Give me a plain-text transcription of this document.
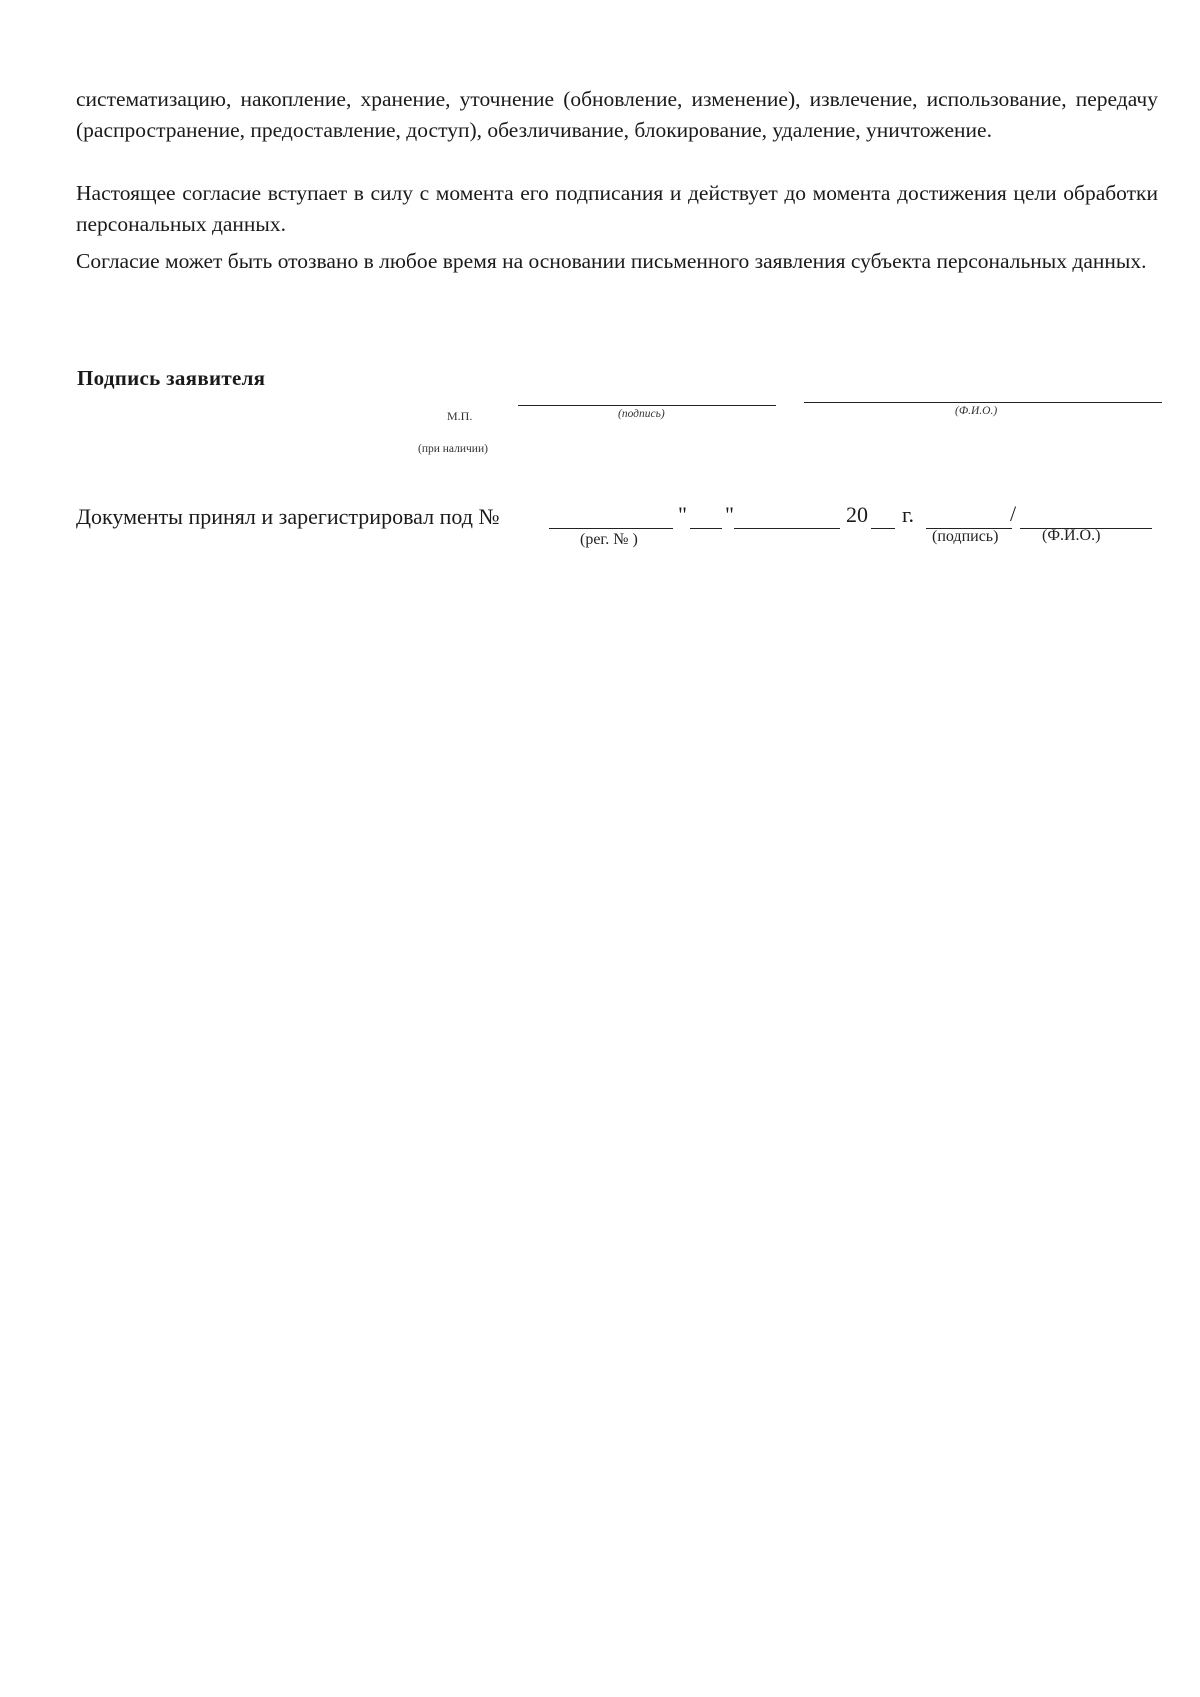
систематизацию, накопление, хранение, уточнение (обновление, изменение), извлечение, использование, передачу (распространение, предоставление, доступ), обезличивание, блокирование, удаление, уничтожение.

Настоящее согласие вступает в силу с момента его подписания и действует до момента достижения цели обработки персональных данных.

Согласие может быть отозвано в любое время на основании письменного заявления субъекта персональных данных.

Подпись заявителя
М.П.	(подпись)	(Ф.И.О.)
(при наличии)
Документы принял и зарегистрировал под №	" "	20 г.	/
(рег. № )	(подпись)	(Ф.И.О.)
